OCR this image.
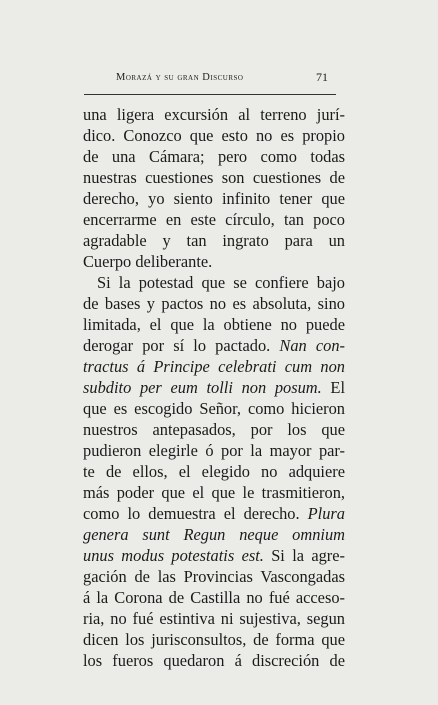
Morazá y su gran Discurso	71
una ligera excursión al terreno jurí-
dico. Conozco que esto no es propio
de una Cámara; pero como todas
nuestras cuestiones son cuestiones de
derecho, yo siento infinito tener que
encerrarme en este círculo, tan poco
agradable y tan ingrato para un
Cuerpo deliberante.
Si la potestad que se confiere bajo
de bases y pactos no es absoluta, sino
limitada, el que la obtiene no puede
derogar por sí lo pactado. Nan con-
tractus á Principe celebrati cum non
subdito per eum tolli non posum. El
que es escogido Señor, como hicieron
nuestros antepasados, por los que
pudieron elegirle ó por la mayor par-
te de ellos, el elegido no adquiere
más poder que el que le trasmitieron,
como lo demuestra el derecho. Plura
genera sunt Regun neque omnium
unus modus potestatis est. Si la agre-
gación de las Provincias Vascongadas
á la Corona de Castilla no fué acceso-
ria, no fué estintiva ni sujestiva, segun
dicen los jurisconsultos, de forma que
los fueros quedaron á discreción de
